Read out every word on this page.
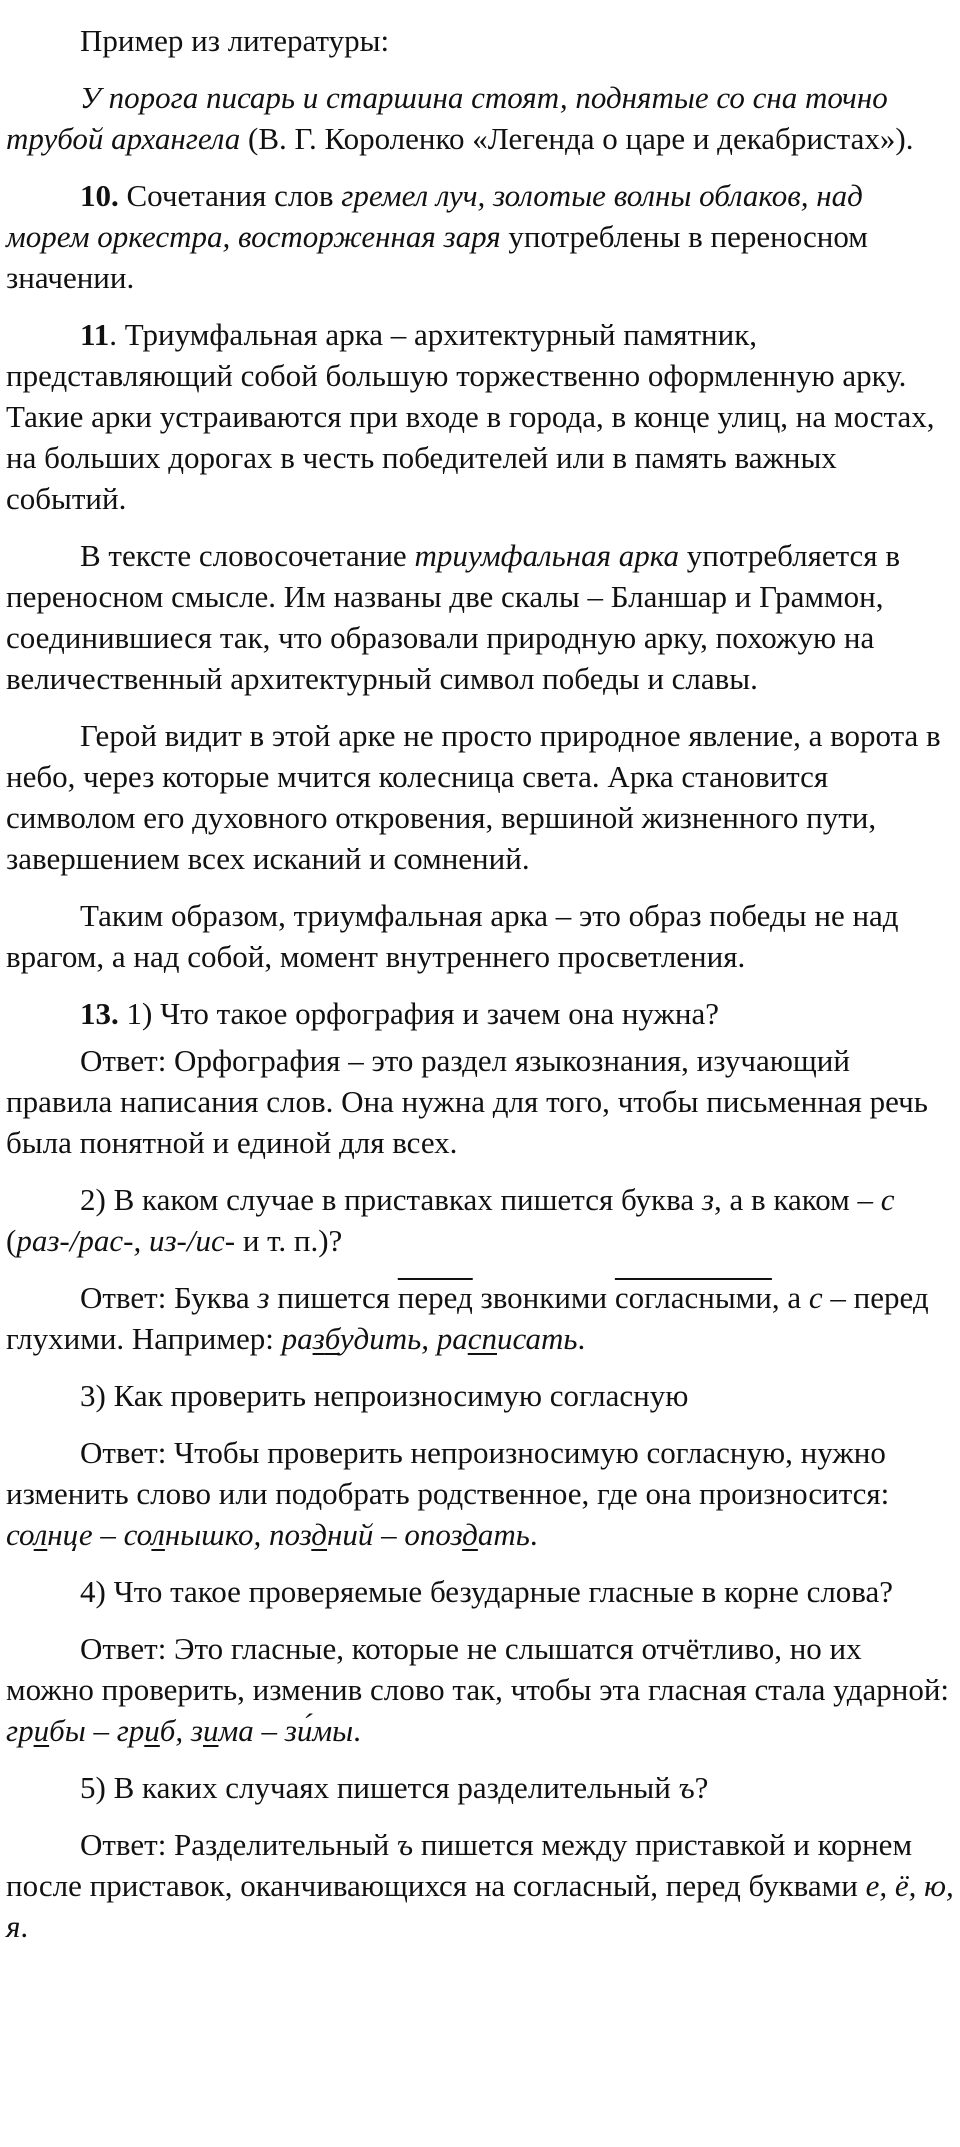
Пример из литературы:

У порога писарь и старшина стоят, поднятые со сна точно трубой архангела (В. Г. Короленко «Легенда о царе и декабристах»).

10. Сочетания слов гремел луч, золотые волны облаков, над морем оркестра, восторженная заря употреблены в переносном значении.

11. Триумфальная арка – архитектурный памятник, представляющий собой большую торжественно оформленную арку. Такие арки устраиваются при входе в города, в конце улиц, на мостах, на больших дорогах в честь победителей или в память важных событий.

В тексте словосочетание триумфальная арка употребляется в переносном смысле. Им названы две скалы – Бланшар и Граммон, соединившиеся так, что образовали природную арку, похожую на величественный архитектурный символ победы и славы.

Герой видит в этой арке не просто природное явление, а ворота в небо, через которые мчится колесница света. Арка становится символом его духовного откровения, вершиной жизненного пути, завершением всех исканий и сомнений.

Таким образом, триумфальная арка – это образ победы не над врагом, а над собой, момент внутреннего просветления.

13. 1) Что такое орфография и зачем она нужна?

Ответ: Орфография – это раздел языкознания, изучающий правила написания слов. Она нужна для того, чтобы письменная речь была понятной и единой для всех.

2) В каком случае в приставках пишется буква з, а в каком – с (раз-/рас-, из-/ис- и т. п.)?

Ответ: Буква з пишется перед звонкими согласными, а с – перед глухими. Например: разбудить, расписать.

3) Как проверить непроизносимую согласную

Ответ: Чтобы проверить непроизносимую согласную, нужно изменить слово или подобрать родственное, где она произносится: солнце – солнышко, поздний – опоздать.

4) Что такое проверяемые безударные гласные в корне слова?

Ответ: Это гласные, которые не слышатся отчётливо, но их можно проверить, изменив слово так, чтобы эта гласная стала ударной: грибы – гриб, зима – зи́мы.

5) В каких случаях пишется разделительный ъ?

Ответ: Разделительный ъ пишется между приставкой и корнем после приставок, оканчивающихся на согласный, перед буквами е, ё, ю, я.
